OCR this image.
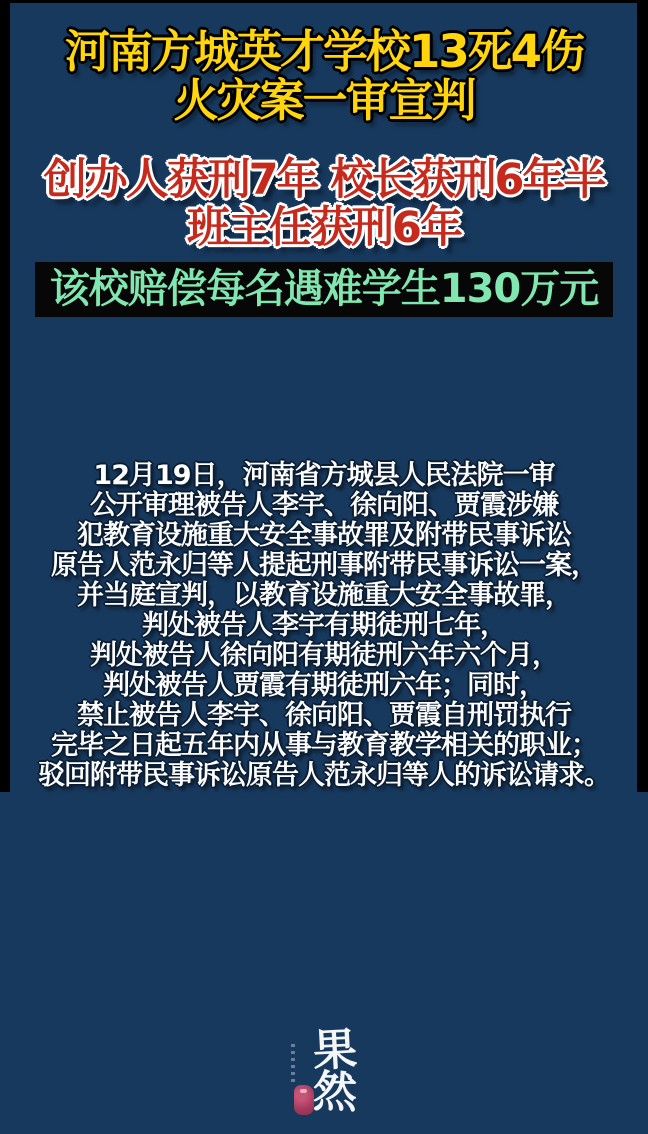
河南方城英才学校13死4伤
火灾案一审宣判
创办人获刑7年 校长获刑6年半
班主任获刑6年
该校赔偿每名遇难学生130万元
12月19日，河南省方城县人民法院一审
公开审理被告人李宇、徐向阳、贾霞涉嫌
犯教育设施重大安全事故罪及附带民事诉讼
原告人范永归等人提起刑事附带民事诉讼一案，
并当庭宣判，以教育设施重大安全事故罪，
判处被告人李宇有期徒刑七年，
判处被告人徐向阳有期徒刑六年六个月，
判处被告人贾霞有期徒刑六年；同时，
禁止被告人李宇、徐向阳、贾霞自刑罚执行
完毕之日起五年内从事与教育教学相关的职业；
驳回附带民事诉讼原告人范永归等人的诉讼请求。
果
然
